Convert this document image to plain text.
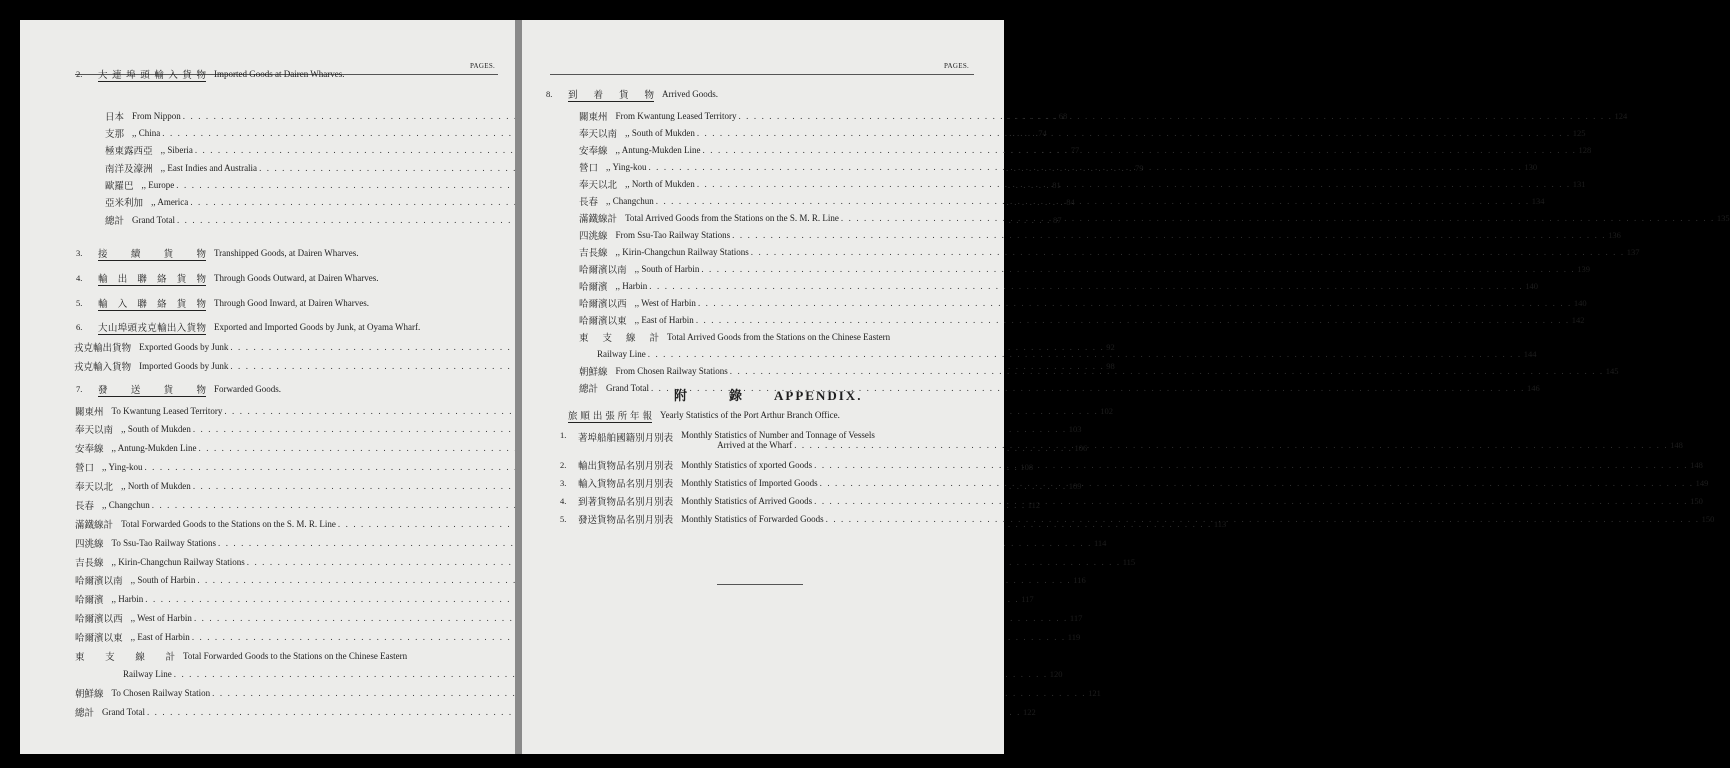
PAGES.
2.	大 連 埠 頭 輸 入 貨 物 Imported Goods at Dairen Wharves.
日 本 From Nippon . . .	68
支 那 ,, China . . .	74
極 東 露 西 亞 ,, Siberia . . .	77
南 洋 及 濠 洲 ,, East Indies and Australia . . .	79
歐 羅 巴 ,, Europe . . .	81
亞 米 利 加 ,, America . . .	84
總 計 Grand Total . . .	87
3.	接 續 貨 物 Transhipped Goods, at Dairen Wharves.
4.	輸 出 聯 絡 貨 物 Through Goods Outward, at Dairen Wharves.
5.	輸 入 聯 絡 貨 物 Through Good Inward, at Dairen Wharves.
6.	大 山 埠 頭 戎 克 輸 出 入 貨 物 Exported and Imported Goods by Junk, at Oyama Wharf.
戎 克 輸 出 貨 物 Exported Goods by Junk . . .	92
戎 克 輸 入 貨 物 Imported Goods by Junk . . .	98
7.	發 送 貨 物 Forwarded Goods.
關 東 州 To Kwantung Leased Territory . . .	102
奉 天 以 南 ,, South of Mukden . . .	103
安 奉 線 ,, Antung-Mukden Line . . .	106
營 口 ,, Ying-kou . . .	108
奉 天 以 北 ,, North of Mukden . . .	109
長 春 ,, Changchun . . .	112
滿 鐵 線 計 Total Forwarded Goods to the Stations on the S. M. R. Line . . .	113
四 洮 線 To Ssu-Tao Railway Stations . . .	114
吉 長 線 ,, Kirin-Changchun Railway Stations . . .	115
哈 爾 濱 以 南 ,, South of Harbin . . .	116
哈 爾 濱 ,, Harbin . . .	117
哈 爾 濱 以 西 ,, West of Harbin . . .	117
哈 爾 濱 以 東 ,, East of Harbin . . .	119
東 支 線 計 Total Forwarded Goods to the Stations on the Chinese Eastern
Railway Line . . .	120
朝 鮮 線 To Chosen Railway Station . . .	121
總 計 Grand Total . . .	122
PAGES.
8.	到 着 貨 物 Arrived Goods.
關 東 州 From Kwantung Leased Territory . . .	124
奉 天 以 南 ,, South of Mukden . . .	125
安 奉 線 ,, Antung-Mukden Line . . .	128
營 口 ,, Ying-kou . . .	130
奉 天 以 北 ,, North of Mukden . . .	131
長 春 ,, Changchun . . .	134
滿 鐵 線 計 Total Arrived Goods from the Stations on the S. M. R. Line . . .	135
四 洮 線 From Ssu-Tao Railway Stations . . .	136
吉 長 線 ,, Kirin-Changchun Railway Stations . . .	137
哈 爾 濱 以 南 ,, South of Harbin . . .	139
哈 爾 濱 ,, Harbin . . .	140
哈 爾 濱 以 西 ,, West of Harbin . . .	140
哈 爾 濱 以 東 ,, East of Harbin . . .	142
東 支 線 計 Total Arrived Goods from the Stations on the Chinese Eastern
Railway Line . . .	144
朝 鮮 線 From Chosen Railway Stations . . .	145
總 計 Grand Total . . .	146
附	錄 APPENDIX.
旅 順 出 張 所 年 報 Yearly Statistics of the Port Arthur Branch Office.
1.	著 埠 船 舶 國 籍 別 月 別 表 Monthly Statistics of Number and Tonnage of Vessels
Arrived at the Wharf . . .	148
2.	輸 出 貨 物 品 名 別 月 別 表 Monthly Statistics of xported Goods . . .	148
3.	輸 入 貨 物 品 名 別 月 別 表 Monthly Statistics of Imported Goods . . .	149
4.	到 著 貨 物 品 名 別 月 別 表 Monthly Statistics of Arrived Goods . . .	150
5.	發 送 貨 物 品 名 別 月 別 表 Monthly Statistics of Forwarded Goods . . .	150
